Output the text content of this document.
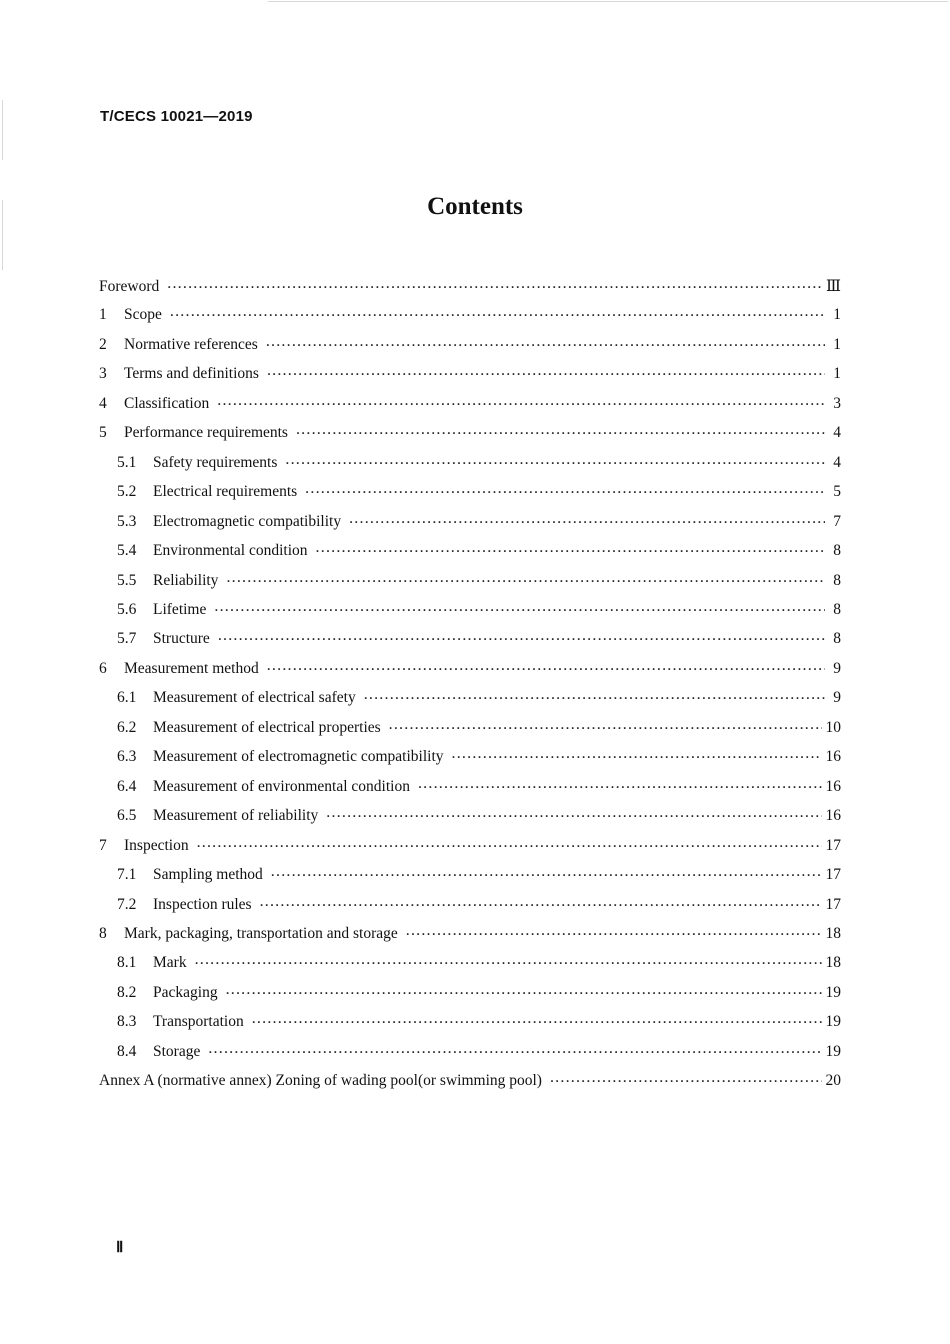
T/CECS 10021—2019
Contents
Foreword ·····	Ⅲ
1	Scope ·····	1
2	Normative references ·····	1
3	Terms and definitions ·····	1
4	Classification ·····	3
5	Performance requirements ·····	4
5.1	Safety requirements ·····	4
5.2	Electrical requirements ·····	5
5.3	Electromagnetic compatibility ·····	7
5.4	Environmental condition ·····	8
5.5	Reliability ·····	8
5.6	Lifetime ·····	8
5.7	Structure ·····	8
6	Measurement method ·····	9
6.1	Measurement of electrical safety ·····	9
6.2	Measurement of electrical properties ·····	10
6.3	Measurement of electromagnetic compatibility ·····	16
6.4	Measurement of environmental condition ·····	16
6.5	Measurement of reliability ·····	16
7	Inspection ·····	17
7.1	Sampling method ·····	17
7.2	Inspection rules ·····	17
8	Mark, packaging, transportation and storage ·····	18
8.1	Mark ·····	18
8.2	Packaging ·····	19
8.3	Transportation ·····	19
8.4	Storage ·····	19
Annex A (normative annex) Zoning of wading pool(or swimming pool) ·····	20
Ⅱ
